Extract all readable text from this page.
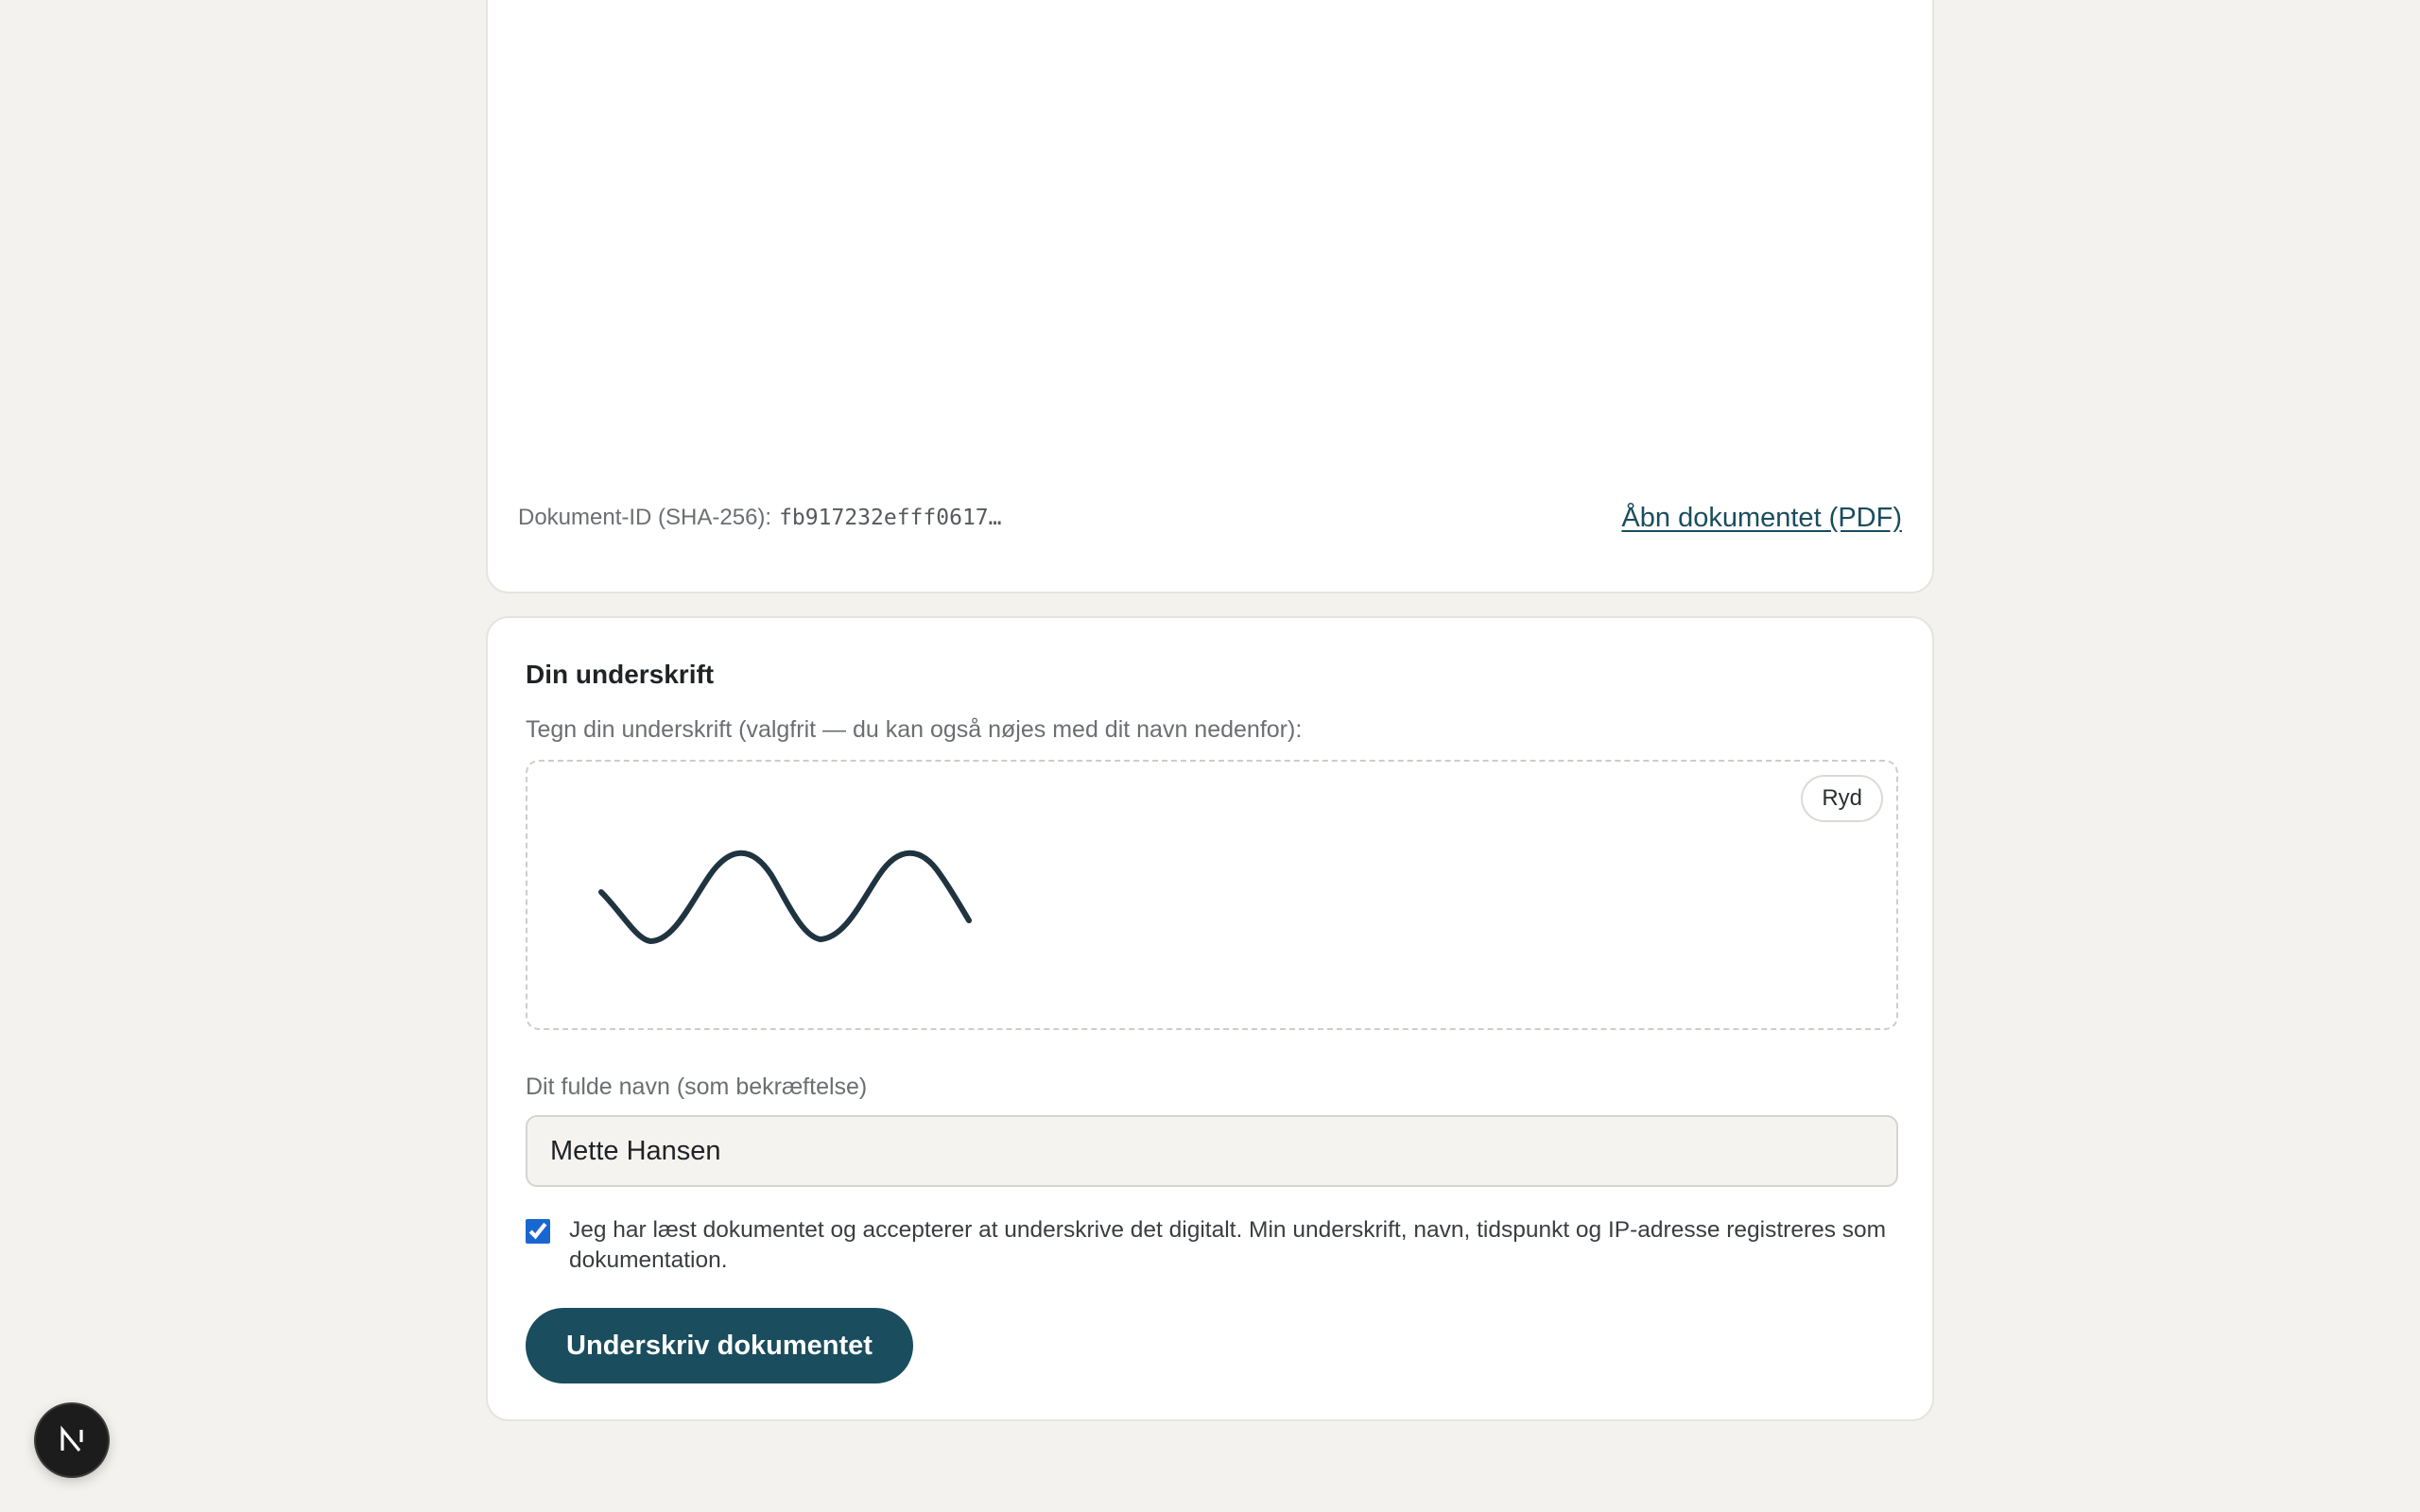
Dokument-ID (SHA-256): fb917232efff0617…	Åbn dokumentet (PDF)
Din underskrift
Tegn din underskrift (valgfrit — du kan også nøjes med dit navn nedenfor):
Ryd
Dit fulde navn (som bekræftelse)
Mette Hansen
Jeg har læst dokumentet og accepterer at underskrive det digitalt. Min underskrift, navn, tidspunkt og IP-adresse registreres som dokumentation.
Underskriv dokumentet
